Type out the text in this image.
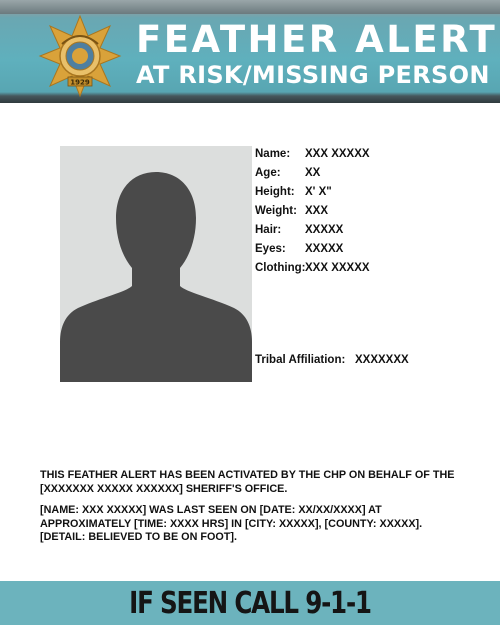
1929
FEATHER ALERT
AT RISK/MISSING PERSON
Name: XXX XXXXX
Age: XX
Height: X' X"
Weight: XXX
Hair: XXXXX
Eyes: XXXXX
Clothing: XXX XXXXX
Tribal Affiliation: XXXXXXX

THIS FEATHER ALERT HAS BEEN ACTIVATED BY THE CHP ON BEHALF OF THE [XXXXXXX XXXXX XXXXXX] SHERIFF'S OFFICE.

[NAME: XXX XXXXX] WAS LAST SEEN ON [DATE: XX/XX/XXXX] AT APPROXIMATELY [TIME: XXXX HRS] IN [CITY: XXXXX], [COUNTY: XXXXX]. [DETAIL: BELIEVED TO BE ON FOOT].

IF SEEN CALL 9-1-1
